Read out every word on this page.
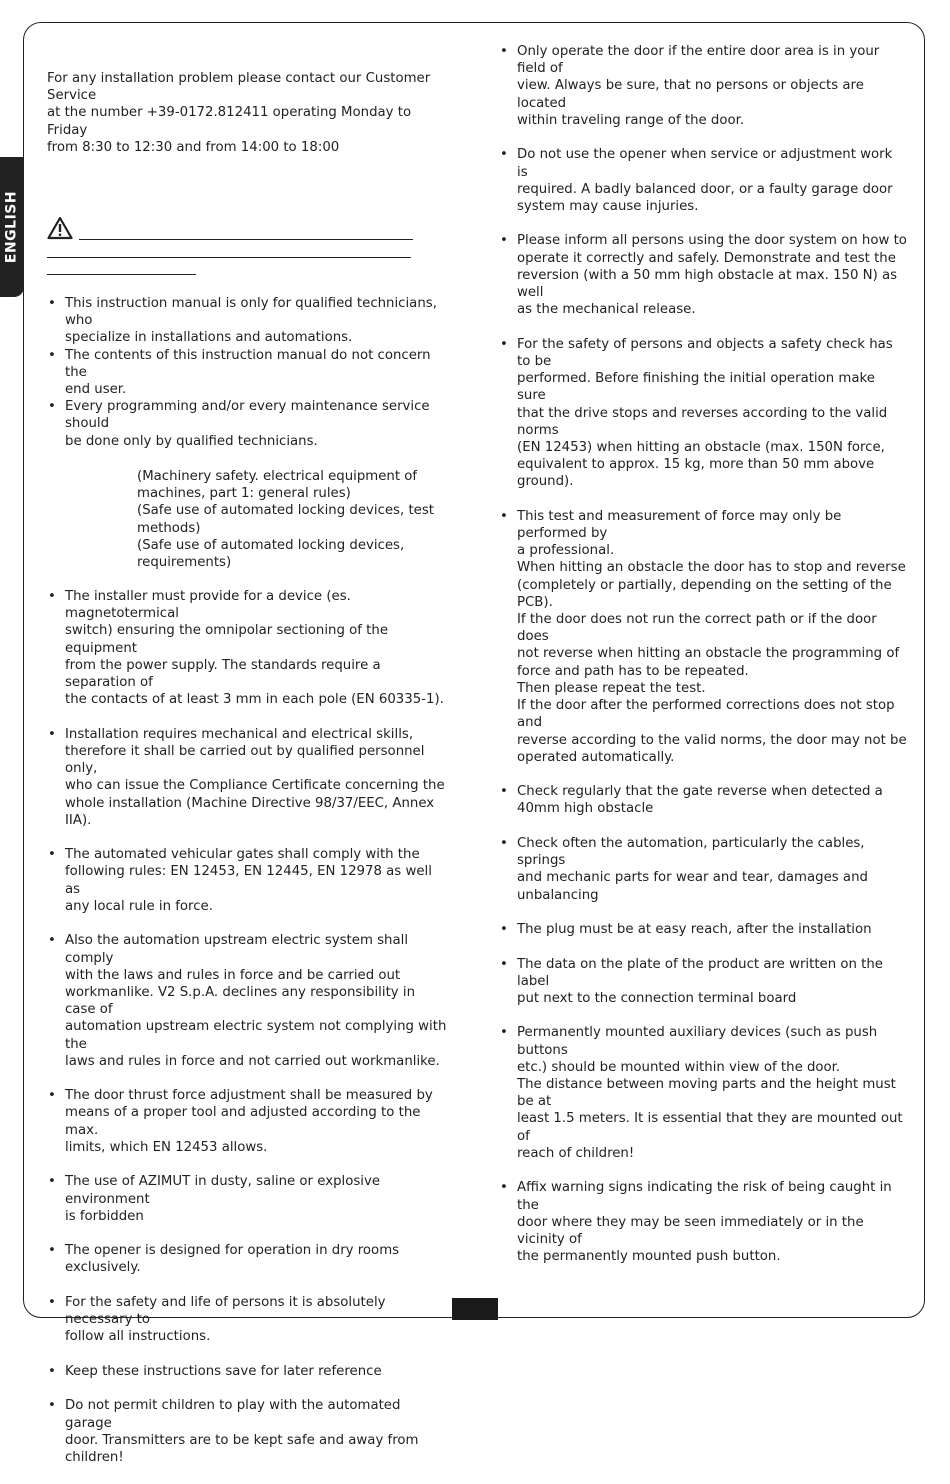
ENGLISH

For any installation problem please contact our Customer Service
at the number +39-0172.812411 operating Monday to Friday
from 8:30 to 12:30 and from 14:00 to 18:00

• This instruction manual is only for qualified technicians, who
specialize in installations and automations.
• The contents of this instruction manual do not concern the
end user.
• Every programming and/or every maintenance service should
be done only by qualified technicians.

(Machinery safety. electrical equipment of
machines, part 1: general rules)

(Safe use of automated locking devices, test
methods)

(Safe use of automated locking devices,
requirements)

• The installer must provide for a device (es. magnetotermical
switch) ensuring the omnipolar sectioning of the equipment
from the power supply. The standards require a separation of
the contacts of at least 3 mm in each pole (EN 60335-1).
• Installation requires mechanical and electrical skills,
therefore it shall be carried out by qualified personnel only,
who can issue the Compliance Certificate concerning the
whole installation (Machine Directive 98/37/EEC, Annex IIA).
• The automated vehicular gates shall comply with the
following rules: EN 12453, EN 12445, EN 12978 as well as
any local rule in force.
• Also the automation upstream electric system shall comply
with the laws and rules in force and be carried out
workmanlike. V2 S.p.A. declines any responsibility in case of
automation upstream electric system not complying with the
laws and rules in force and not carried out workmanlike.
• The door thrust force adjustment shall be measured by
means of a proper tool and adjusted according to the max.
limits, which EN 12453 allows.
• The use of AZIMUT in dusty, saline or explosive environment
is forbidden
• The opener is designed for operation in dry rooms exclusively.
• For the safety and life of persons it is absolutely necessary to
follow all instructions.
• Keep these instructions save for later reference
• Do not permit children to play with the automated garage
door. Transmitters are to be kept safe and away from
children!
• Only operate the door if the entire door area is in your field of
view. Always be sure, that no persons or objects are located
within traveling range of the door.
• Do not use the opener when service or adjustment work is
required. A badly balanced door, or a faulty garage door
system may cause injuries.
• Please inform all persons using the door system on how to
operate it correctly and safely. Demonstrate and test the
reversion (with a 50 mm high obstacle at max. 150 N) as well
as the mechanical release.
• For the safety of persons and objects a safety check has to be
performed. Before finishing the initial operation make sure
that the drive stops and reverses according to the valid norms
(EN 12453) when hitting an obstacle (max. 150N force,
equivalent to approx. 15 kg, more than 50 mm above
ground).
• This test and measurement of force may only be performed by
a professional.
When hitting an obstacle the door has to stop and reverse
(completely or partially, depending on the setting of the PCB).
If the door does not run the correct path or if the door does
not reverse when hitting an obstacle the programming of
force and path has to be repeated.
Then please repeat the test.
If the door after the performed corrections does not stop and
reverse according to the valid norms, the door may not be
operated automatically.
• Check regularly that the gate reverse when detected a
40mm high obstacle
• Check often the automation, particularly the cables, springs
and mechanic parts for wear and tear, damages and
unbalancing
• The plug must be at easy reach, after the installation
• The data on the plate of the product are written on the label
put next to the connection terminal board
• Permanently mounted auxiliary devices (such as push buttons
etc.) should be mounted within view of the door.
The distance between moving parts and the height must be at
least 1.5 meters. It is essential that they are mounted out of
reach of children!
• Affix warning signs indicating the risk of being caught in the
door where they may be seen immediately or in the vicinity of
the permanently mounted push button.
